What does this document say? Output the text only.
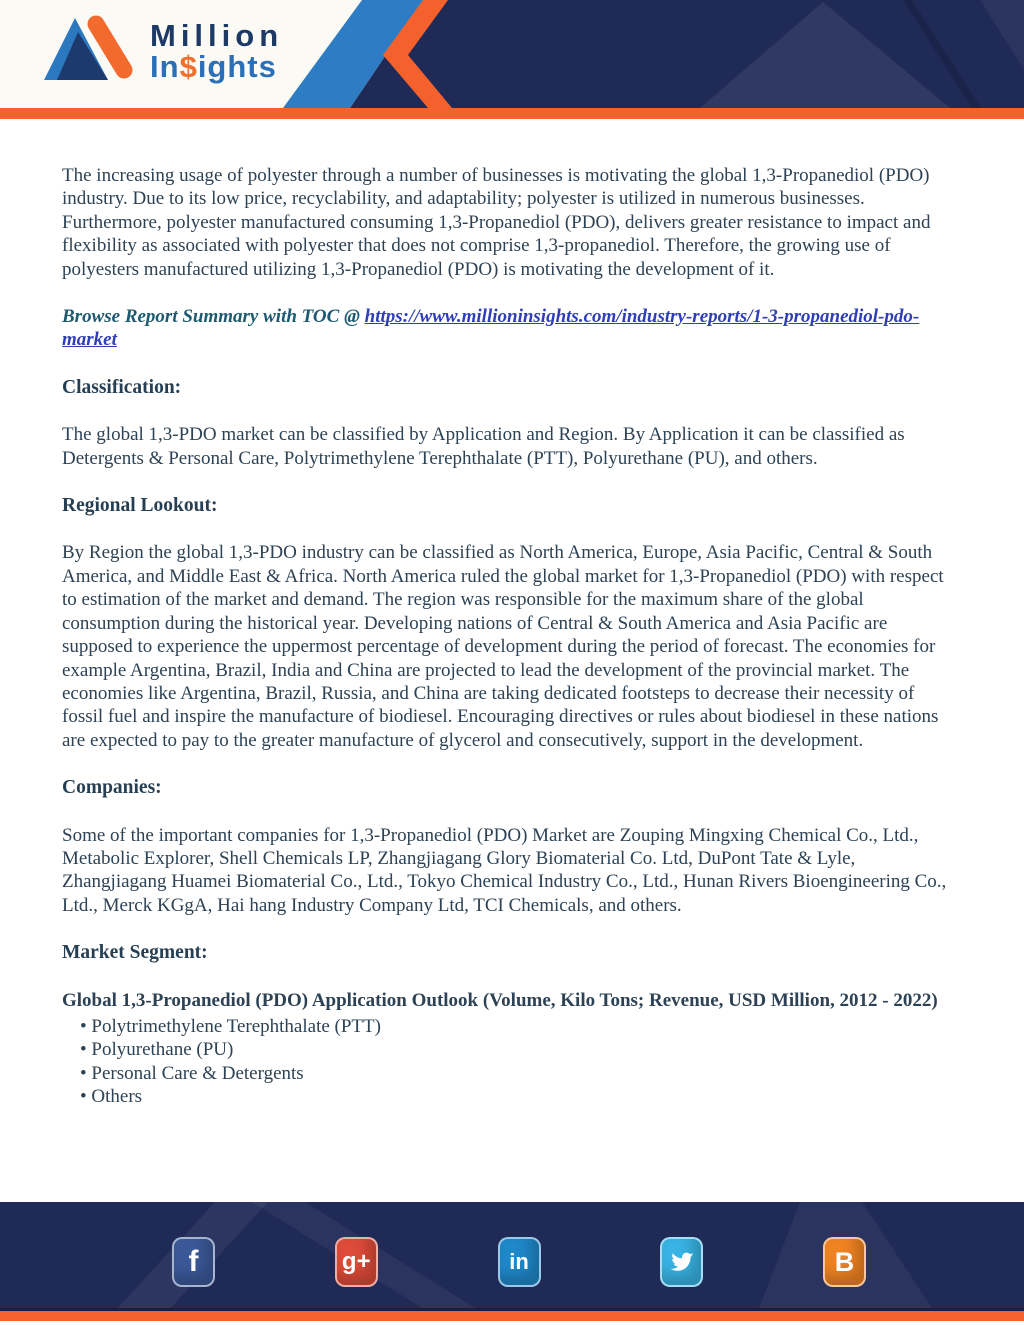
Million
In$ights

The increasing usage of polyester through a number of businesses is motivating the global 1,3-Propanediol (PDO) industry. Due to its low price, recyclability, and adaptability; polyester is utilized in numerous businesses. Furthermore, polyester manufactured consuming 1,3-Propanediol (PDO), delivers greater resistance to impact and flexibility as associated with polyester that does not comprise 1,3-propanediol. Therefore, the growing use of polyesters manufactured utilizing 1,3-Propanediol (PDO) is motivating the development of it.

Browse Report Summary with TOC @ https://www.millioninsights.com/industry-reports/1-3-propanediol-pdo-market

Classification:

The global 1,3-PDO market can be classified by Application and Region. By Application it can be classified as Detergents & Personal Care, Polytrimethylene Terephthalate (PTT), Polyurethane (PU), and others.

Regional Lookout:

By Region the global 1,3-PDO industry can be classified as North America, Europe, Asia Pacific, Central & South America, and Middle East & Africa. North America ruled the global market for 1,3-Propanediol (PDO) with respect to estimation of the market and demand. The region was responsible for the maximum share of the global consumption during the historical year. Developing nations of Central & South America and Asia Pacific are supposed to experience the uppermost percentage of development during the period of forecast. The economies for example Argentina, Brazil, India and China are projected to lead the development of the provincial market. The economies like Argentina, Brazil, Russia, and China are taking dedicated footsteps to decrease their necessity of fossil fuel and inspire the manufacture of biodiesel. Encouraging directives or rules about biodiesel in these nations are expected to pay to the greater manufacture of glycerol and consecutively, support in the development.

Companies:

Some of the important companies for 1,3-Propanediol (PDO) Market are Zouping Mingxing Chemical Co., Ltd., Metabolic Explorer, Shell Chemicals LP, Zhangjiagang Glory Biomaterial Co. Ltd, DuPont Tate & Lyle, Zhangjiagang Huamei Biomaterial Co., Ltd., Tokyo Chemical Industry Co., Ltd., Hunan Rivers Bioengineering Co., Ltd., Merck KGgA, Hai hang Industry Company Ltd, TCI Chemicals, and others.

Market Segment:

Global 1,3-Propanediol (PDO) Application Outlook (Volume, Kilo Tons; Revenue, USD Million, 2012 - 2022)

• Polytrimethylene Terephthalate (PTT)
• Polyurethane (PU)
• Personal Care & Detergents
• Others
f	g+	in	B
